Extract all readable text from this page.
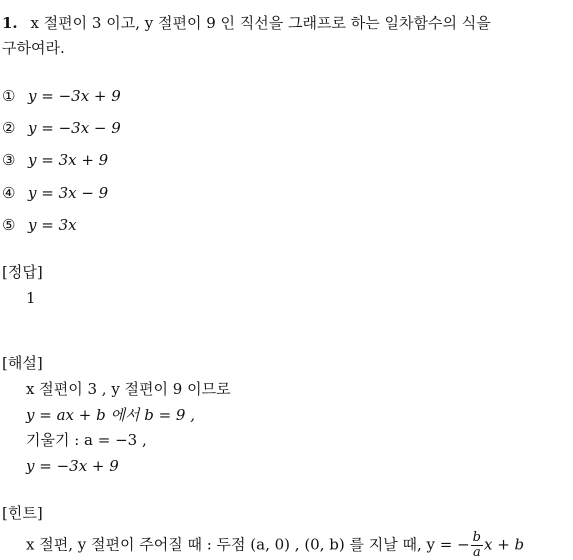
1. x 절편이 3 이고, y 절편이 9 인 직선을 그래프로 하는 일차함수의 식을
구하여라.
① y = −3x + 9
② y = −3x − 9
③ y = 3x + 9
④ y = 3x − 9
⑤ y = 3x
[정답]
1
[해설]
x 절편이 3 , y 절편이 9 이므로
y = ax + b 에서 b = 9 ,
기울기 : a = −3 ,
y = −3x + 9
[힌트]
x 절편, y 절편이 주어질 때 : 두점 (a, 0) , (0, b) 를 지날 때, y = − $\frac{b}{a}$ x + b
